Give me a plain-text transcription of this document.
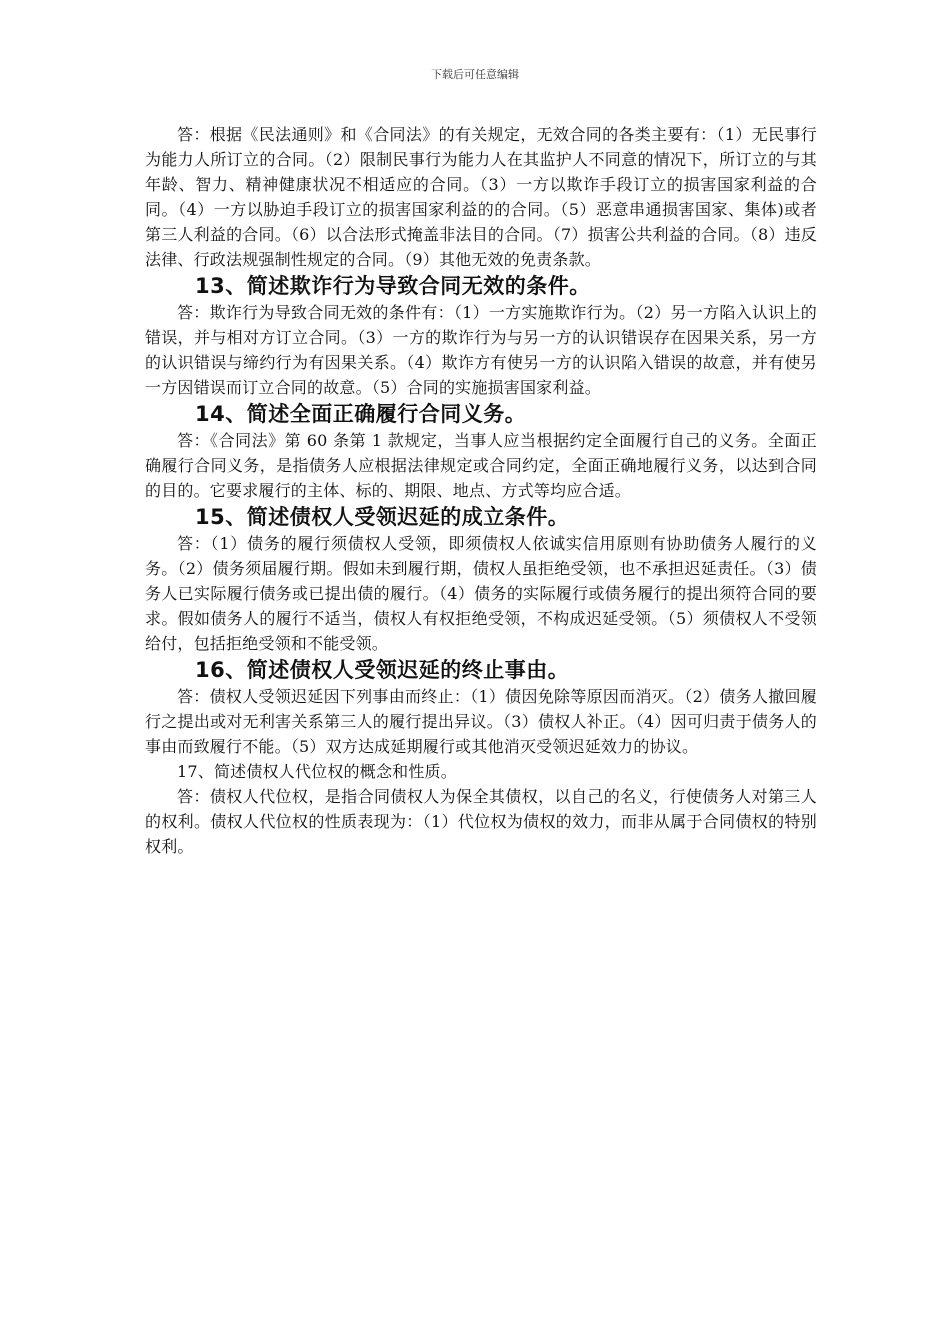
下载后可任意编辑

答：根据《民法通则》和《合同法》的有关规定，无效合同的各类主要有：（1）无民事行为能力人所订立的合同。（2）限制民事行为能力人在其监护人不同意的情况下，所订立的与其年龄、智力、精神健康状况不相适应的合同。（3）一方以欺诈手段订立的损害国家利益的合同。（4）一方以胁迫手段订立的损害国家利益的的合同。（5）恶意串通损害国家、集体)或者第三人利益的合同。（6）以合法形式掩盖非法目的合同。（7）损害公共利益的合同。（8）违反法律、行政法规强制性规定的合同。（9）其他无效的免责条款。

13、简述欺诈行为导致合同无效的条件。

答：欺诈行为导致合同无效的条件有：（1）一方实施欺诈行为。（2）另一方陷入认识上的错误，并与相对方订立合同。（3）一方的欺诈行为与另一方的认识错误存在因果关系，另一方的认识错误与缔约行为有因果关系。（4）欺诈方有使另一方的认识陷入错误的故意，并有使另一方因错误而订立合同的故意。（5）合同的实施损害国家利益。

14、简述全面正确履行合同义务。

答：《合同法》第 60 条第 1 款规定，当事人应当根据约定全面履行自己的义务。全面正确履行合同义务，是指债务人应根据法律规定或合同约定，全面正确地履行义务，以达到合同的目的。它要求履行的主体、标的、期限、地点、方式等均应合适。

15、简述债权人受领迟延的成立条件。

答：（1）债务的履行须债权人受领，即须债权人依诚实信用原则有协助债务人履行的义务。（2）债务须届履行期。假如未到履行期，债权人虽拒绝受领，也不承担迟延责任。（3）债务人已实际履行债务或已提出债的履行。（4）债务的实际履行或债务履行的提出须符合同的要求。假如债务人的履行不适当，债权人有权拒绝受领，不构成迟延受领。（5）须债权人不受领给付，包括拒绝受领和不能受领。

16、简述债权人受领迟延的终止事由。

答：债权人受领迟延因下列事由而终止：（1）债因免除等原因而消灭。（2）债务人撤回履行之提出或对无利害关系第三人的履行提出异议。（3）债权人补正。（4）因可归责于债务人的事由而致履行不能。（5）双方达成延期履行或其他消灭受领迟延效力的协议。

17、简述债权人代位权的概念和性质。

答：债权人代位权，是指合同债权人为保全其债权，以自己的名义，行使债务人对第三人的权利。债权人代位权的性质表现为：（1）代位权为债权的效力，而非从属于合同债权的特别权利。
